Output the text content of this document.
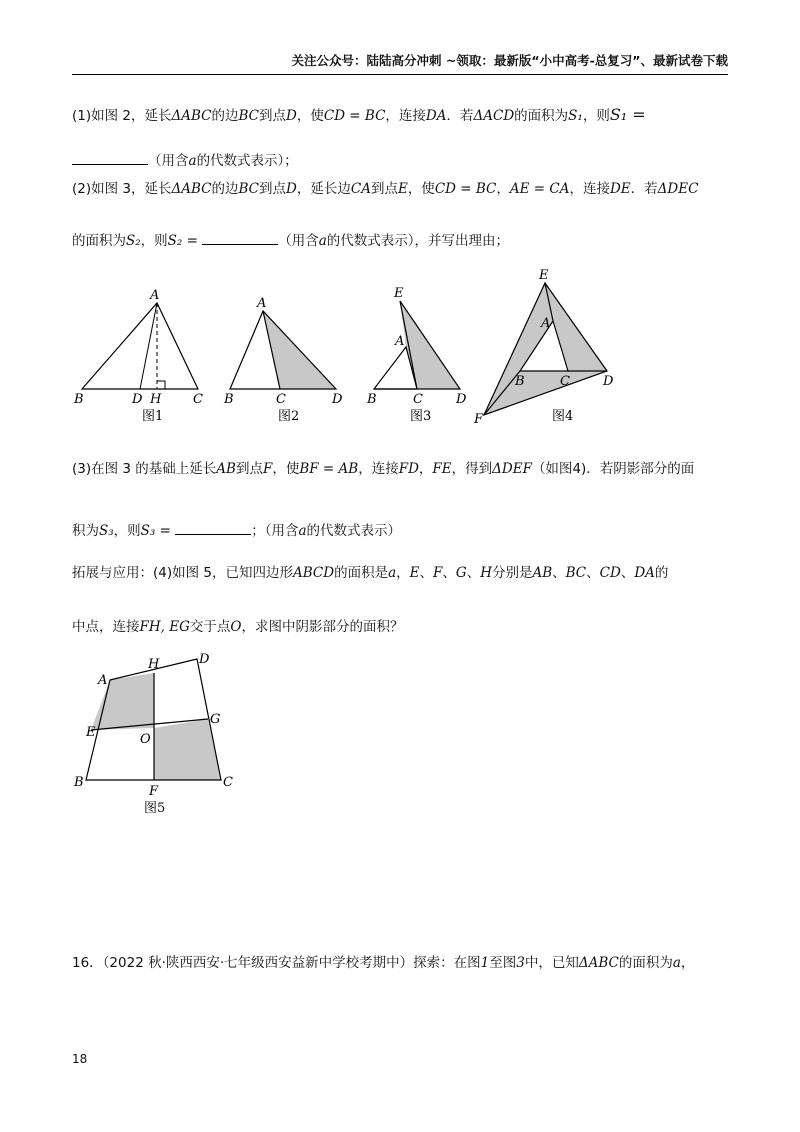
关注公众号：陆陆高分冲刺 ~领取：最新版“小中高考-总复习”、最新试卷下载
(1)如图 2，延长ΔABC的边BC到点D，使CD = BC，连接DA．若ΔACD的面积为S₁，则S₁ =
（用含a的代数式表示）；
(2)如图 3，延长ΔABC的边BC到点D，延长边CA到点E，使CD = BC，AE = CA，连接DE．若ΔDEC
的面积为S₂，则S₂ =	（用含a的代数式表示），并写出理由；
A
B	D H C
图1
A
B	C	D
图2
E
A
B	C	D
图3
E
A
B	C	D
F	图4
(3)在图 3 的基础上延长AB到点F，使BF = AB，连接FD，FE，得到ΔDEF（如图4)．若阴影部分的面
积为S₃，则S₃ =	；（用含a的代数式表示）
拓展与应用：(4)如图 5，已知四边形ABCD的面积是a，E、F、G、H分别是AB、BC、CD、DA的
中点，连接FH, EG交于点O，求图中阴影部分的面积？
A
H	D
E	O
G
B
F
C
图5
16．（2022 秋·陕西西安·七年级西安益新中学校考期中）探索：在图1至图3中，已知ΔABC的面积为a，
18
